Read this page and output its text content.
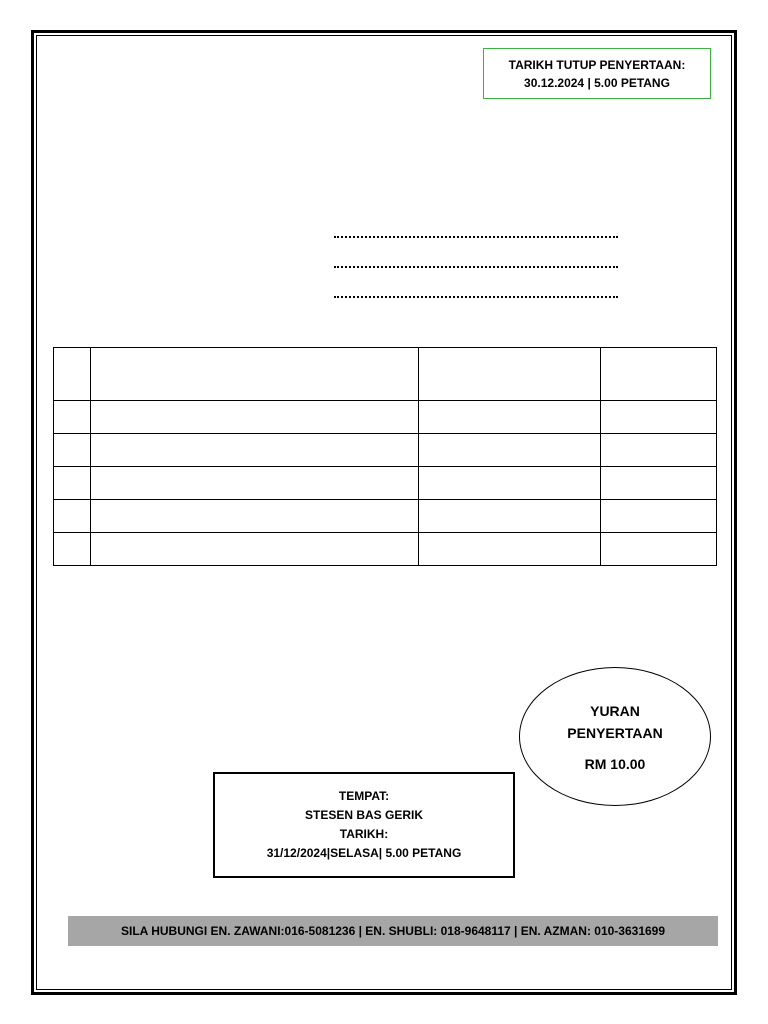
TARIKH TUTUP PENYERTAAN:
30.12.2024 | 5.00 PETANG

YURAN
PENYERTAAN
RM 10.00
TEMPAT:
STESEN BAS GERIK
TARIKH:
31/12/2024|SELASA| 5.00 PETANG
SILA HUBUNGI EN. ZAWANI:016-5081236 | EN. SHUBLI: 018-9648117 | EN. AZMAN: 010-3631699
